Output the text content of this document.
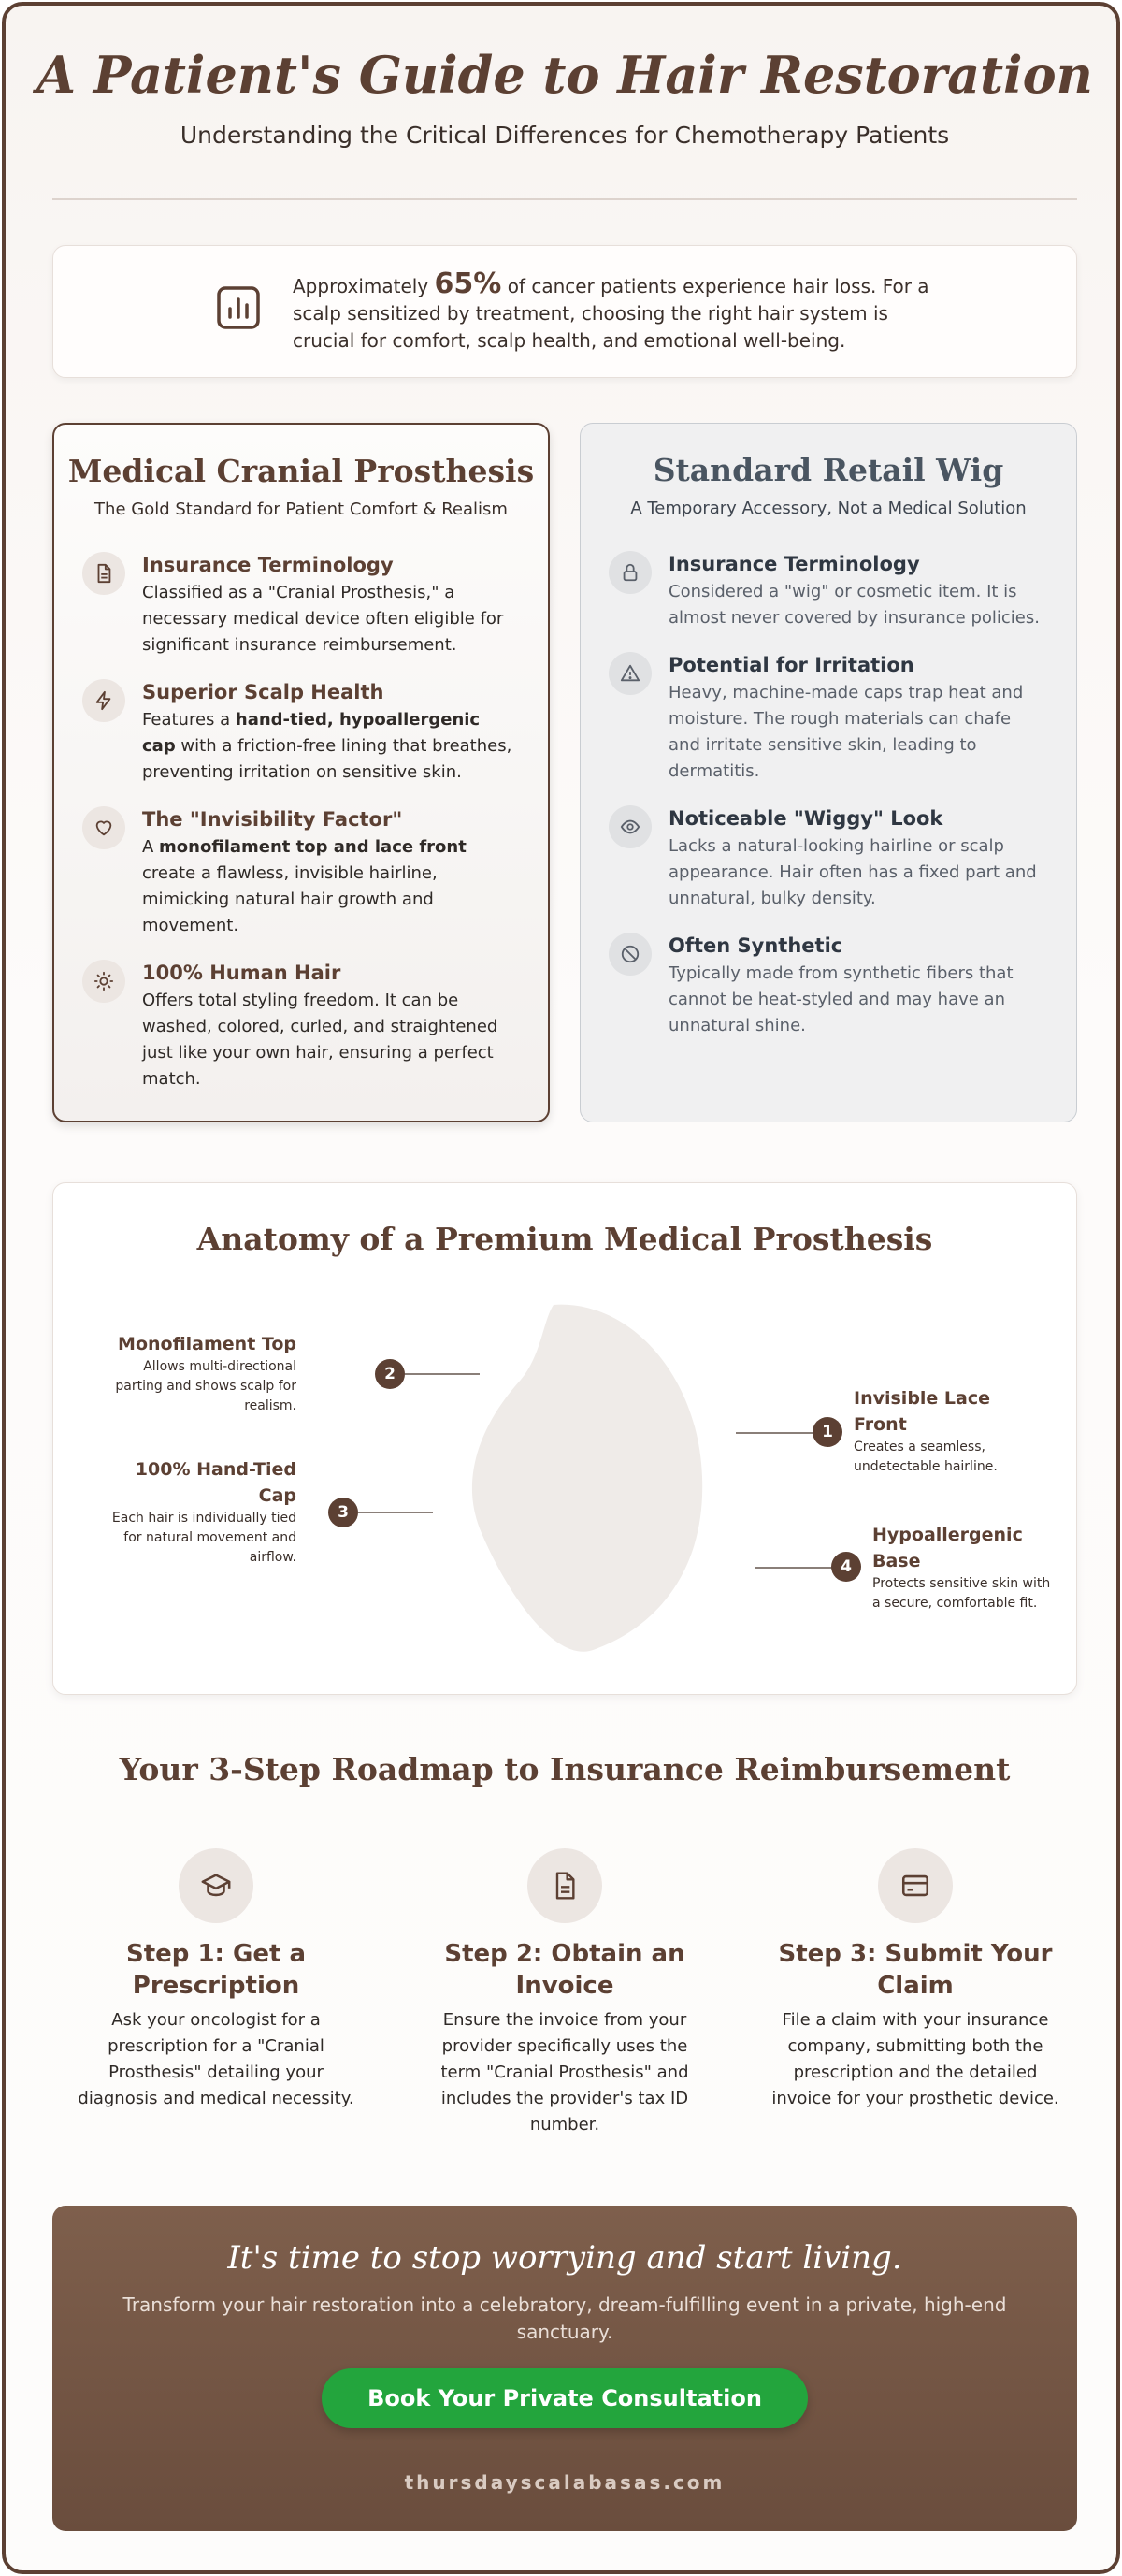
A Patient's Guide to Hair Restoration
Understanding the Critical Differences for Chemotherapy Patients
Approximately 65% of cancer patients experience hair loss. For a scalp sensitized by treatment, choosing the right hair system is crucial for comfort, scalp health, and emotional well-being.
Medical Cranial Prosthesis
The Gold Standard for Patient Comfort & Realism
Insurance Terminology
Classified as a "Cranial Prosthesis," a necessary medical device often eligible for significant insurance reimbursement.
Superior Scalp Health
Features a hand-tied, hypoallergenic cap with a friction-free lining that breathes, preventing irritation on sensitive skin.
The "Invisibility Factor"
A monofilament top and lace front create a flawless, invisible hairline, mimicking natural hair growth and movement.
100% Human Hair
Offers total styling freedom. It can be washed, colored, curled, and straightened just like your own hair, ensuring a perfect match.
Standard Retail Wig
A Temporary Accessory, Not a Medical Solution
Insurance Terminology
Considered a "wig" or cosmetic item. It is almost never covered by insurance policies.
Potential for Irritation
Heavy, machine-made caps trap heat and moisture. The rough materials can chafe and irritate sensitive skin, leading to dermatitis.
Noticeable "Wiggy" Look
Lacks a natural-looking hairline or scalp appearance. Hair often has a fixed part and unnatural, bulky density.
Often Synthetic
Typically made from synthetic fibers that cannot be heat-styled and may have an unnatural shine.
Anatomy of a Premium Medical Prosthesis
Monofilament Top
Allows multi-directional parting and shows scalp for realism.
2
100% Hand-Tied Cap
Each hair is individually tied for natural movement and airflow.
3
1
Invisible Lace Front
Creates a seamless, undetectable hairline.
4
Hypoallergenic Base
Protects sensitive skin with a secure, comfortable fit.
Your 3-Step Roadmap to Insurance Reimbursement
Step 1: Get a Prescription
Ask your oncologist for a prescription for a "Cranial Prosthesis" detailing your diagnosis and medical necessity.
Step 2: Obtain an Invoice
Ensure the invoice from your provider specifically uses the term "Cranial Prosthesis" and includes the provider's tax ID number.
Step 3: Submit Your Claim
File a claim with your insurance company, submitting both the prescription and the detailed invoice for your prosthetic device.
It's time to stop worrying and start living.
Transform your hair restoration into a celebratory, dream-fulfilling event in a private, high-end sanctuary.
Book Your Private Consultation
thursdayscalabasas.com
